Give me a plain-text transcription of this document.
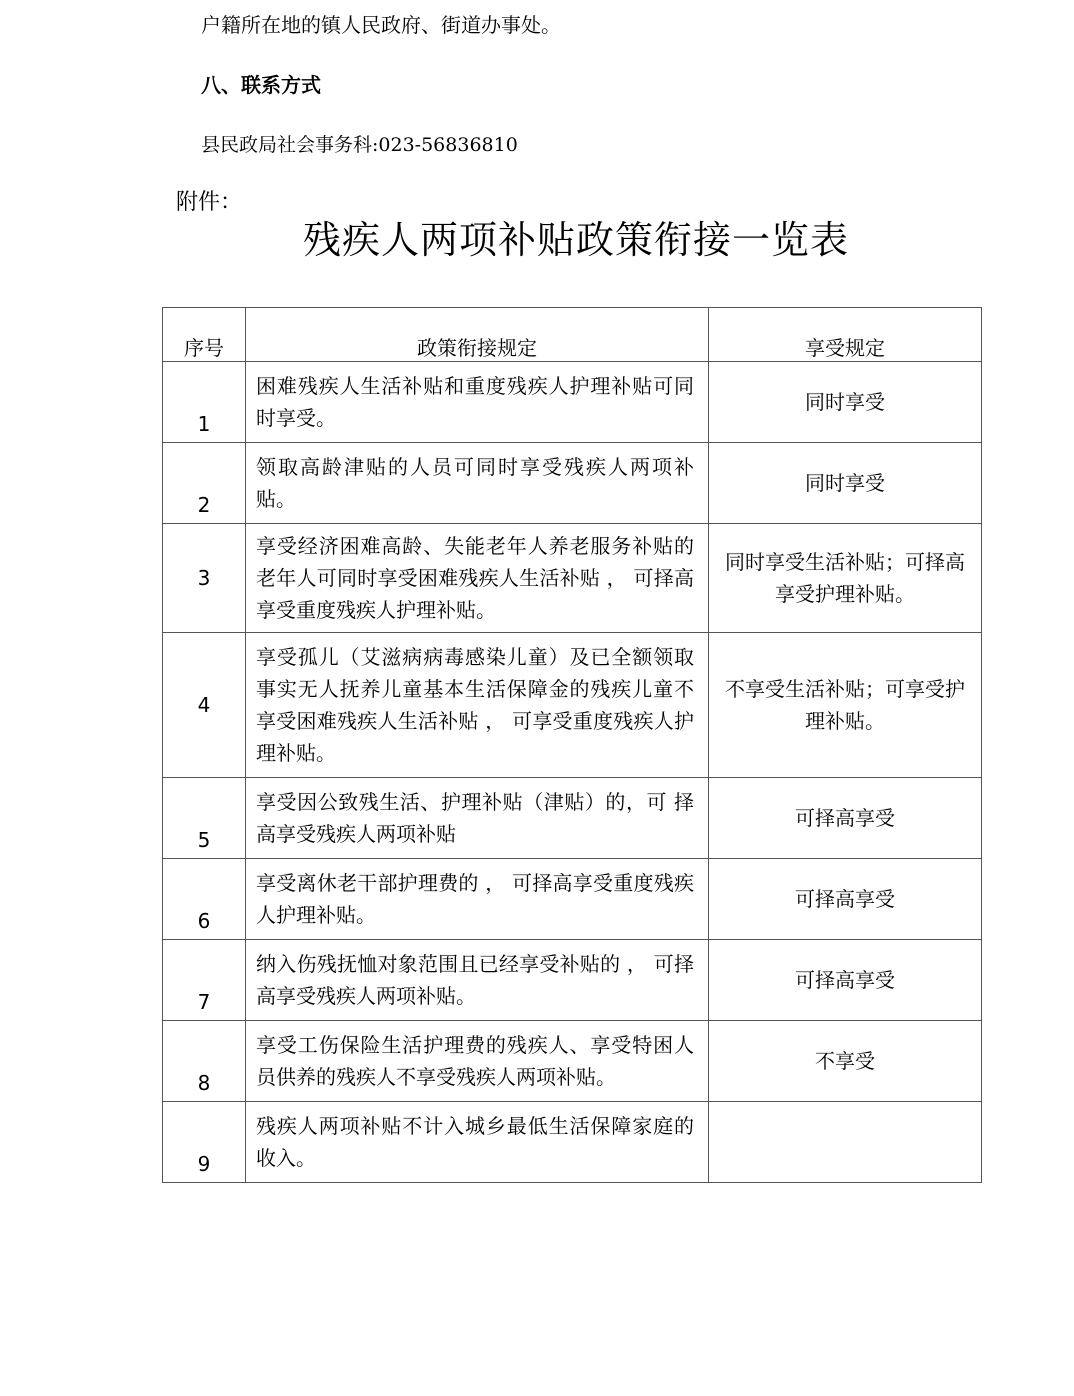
户籍所在地的镇人民政府、街道办事处。
八、联系方式
县民政局社会事务科:023-56836810
附件：
残疾人两项补贴政策衔接一览表
序号	政策衔接规定	享受规定
1	困难残疾人生活补贴和重度残疾人护理补贴可同时享受。	同时享受
2	领取高龄津贴的人员可同时享受残疾人两项补贴。	同时享受
3	享受经济困难高龄、失能老年人养老服务补贴的老年人可同时享受困难残疾人生活补贴 ， 可择高享受重度残疾人护理补贴。	同时享受生活补贴；可择高享受护理补贴。
4	享受孤儿（艾滋病病毒感染儿童）及已全额领取事实无人抚养儿童基本生活保障金的残疾儿童不享受困难残疾人生活补贴 ， 可享受重度残疾人护理补贴。	不享受生活补贴；可享受护理补贴。
5	享受因公致残生活、护理补贴（津贴）的，可 择 高享受残疾人两项补贴	可择高享受
6	享受离休老干部护理费的 ， 可择高享受重度残疾人护理补贴。	可择高享受
7	纳入伤残抚恤对象范围且已经享受补贴的 ， 可择高享受残疾人两项补贴。	可择高享受
8	享受工伤保险生活护理费的残疾人、享受特困人员供养的残疾人不享受残疾人两项补贴。	不享受
9	残疾人两项补贴不计入城乡最低生活保障家庭的收入。	
